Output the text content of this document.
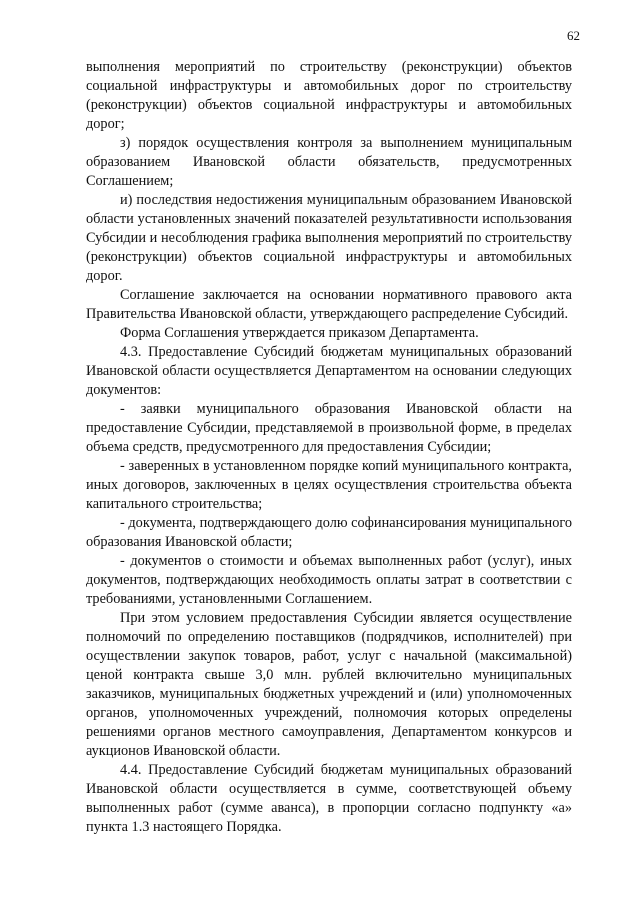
62

выполнения мероприятий по строительству (реконструкции) объектов социальной инфраструктуры и автомобильных дорог по строительству (реконструкции) объектов социальной инфраструктуры и автомобильных дорог;

з) порядок осуществления контроля за выполнением муниципальным образованием Ивановской области обязательств, предусмотренных Соглашением;

и) последствия недостижения муниципальным образованием Ивановской области установленных значений показателей результативности использования Субсидии и несоблюдения графика выполнения мероприятий по строительству (реконструкции) объектов социальной инфраструктуры и автомобильных дорог.

Соглашение заключается на основании нормативного правового акта Правительства Ивановской области, утверждающего распределение Субсидий.

Форма Соглашения утверждается приказом Департамента.

4.3. Предоставление Субсидий бюджетам муниципальных образований Ивановской области осуществляется Департаментом на основании следующих документов:

- заявки муниципального образования Ивановской области на предоставление Субсидии, представляемой в произвольной форме, в пределах объема средств, предусмотренного для предоставления Субсидии;

- заверенных в установленном порядке копий муниципального контракта, иных договоров, заключенных в целях осуществления строительства объекта капитального строительства;

- документа, подтверждающего долю софинансирования муниципального образования Ивановской области;

- документов о стоимости и объемах выполненных работ (услуг), иных документов, подтверждающих необходимость оплаты затрат в соответствии с требованиями, установленными Соглашением.

При этом условием предоставления Субсидии является осуществление полномочий по определению поставщиков (подрядчиков, исполнителей) при осуществлении закупок товаров, работ, услуг с начальной (максимальной) ценой контракта свыше 3,0 млн. рублей включительно муниципальных заказчиков, муниципальных бюджетных учреждений и (или) уполномоченных органов, уполномоченных учреждений, полномочия которых определены решениями органов местного самоуправления, Департаментом конкурсов и аукционов Ивановской области.

4.4. Предоставление Субсидий бюджетам муниципальных образований Ивановской области осуществляется в сумме, соответствующей объему выполненных работ (сумме аванса), в пропорции согласно подпункту «а» пункта 1.3 настоящего Порядка.
